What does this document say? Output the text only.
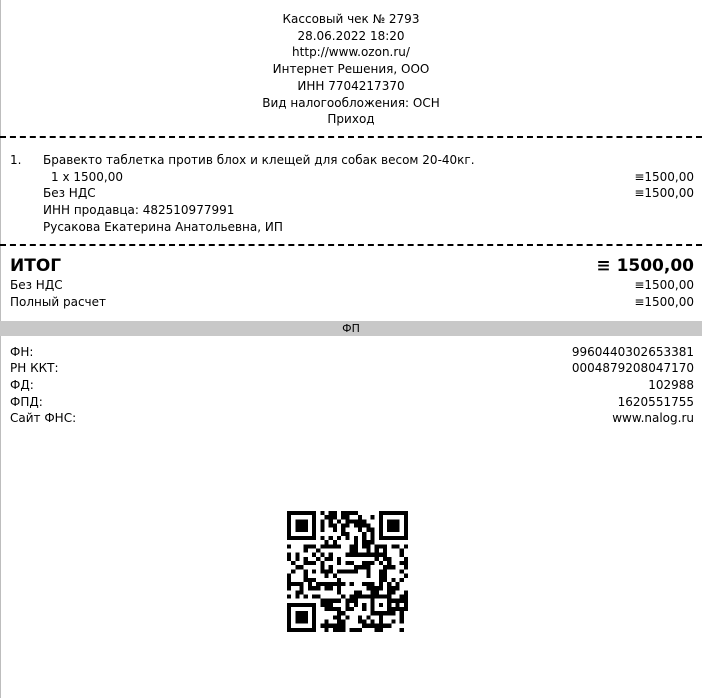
Кассовый чек № 2793
28.06.2022 18:20
http://www.ozon.ru/
Интернет Решения, ООО
ИНН 7704217370
Вид налогообложения: ОСН
Приход
1. Бравекто таблетка против блох и клещей для собак весом 20-40кг.
1 x 1500,00	≡1500,00
Без НДС	≡1500,00
ИНН продавца: 482510977991
Русакова Екатерина Анатольевна, ИП
ИТОГ	≡ 1500,00
Без НДС	≡1500,00
Полный расчет	≡1500,00
ФП
ФН:	9960440302653381
РН ККТ:	0004879208047170
ФД:	102988
ФПД:	1620551755
Сайт ФНС:	www.nalog.ru
